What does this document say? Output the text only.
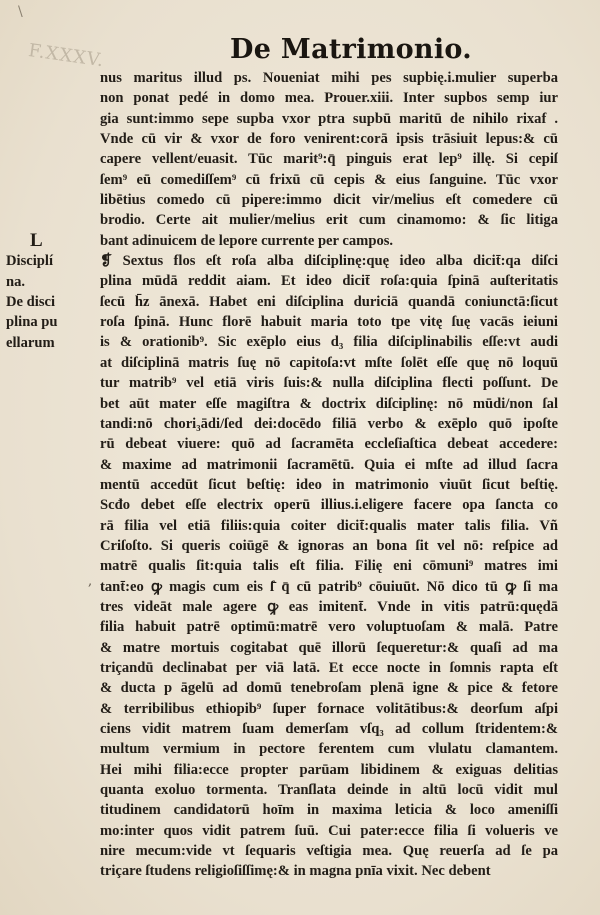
\
F.XXXV.	De Matrimonio.
L
Disciplí
na.
De disci
plina pu
ellarum
,
nus maritus illud ps. Noueniat mihi pes supbię.i.mulier superba
non ponat pedé in domo mea. Prouer.xiii. Inter supbos semp iur
gia sunt:immo sepe supba vxor ptra supbū maritū de nihilo rixaf .
Vnde cū vir & vxor de foro venirent:corā ipsis trāsiuit lepus:& cū
capere vellent/euasit. Tūc marit⁹:q̄ pinguis erat lep⁹ illę. Si cepiſ
ſem⁹ eū comediſſem⁹ cū frixū cū cepis & eius ſanguine. Tūc vxor
libētius comedo cū pipere:immo dicit vir/melius eſt comedere cū
brodio. Certe ait mulier/melius erit cum cinamomo: & ſic litiga
bant adinuicem de lepore currente per campos.
❡ Sextus flos eſt roſa alba diſciplinę:quę ideo alba dicit̄:qa diſci
plina mūdā reddit aiam. Et ideo dicit̄ roſa:quia ſpinā auſteritatis
ſecū h̄z ānexā. Habet eni diſciplina duriciā quandā coniunctā:ſicut
roſa ſpinā. Hunc florē habuit maria toto tpe vitę ſuę vacās ieiuni
is & orationib⁹. Sic exēplo eius d₃ filia diſciplinabilis eſſe:vt audi
at diſciplinā matris ſuę nō capitoſa:vt mſte ſolēt eſſe quę nō loquū
tur matrib⁹ vel etiā viris ſuis:& nulla diſciplina flecti poſſunt. De
bet aūt mater eſſe magiſtra & doctrix diſciplinę: nō mūdi/non ſal
tandi:nō chori₃ādi/ſed dei:docēdo filiā verbo & exēplo quō ipoſte
rū debeat viuere: quō ad ſacramēta eccleſiaſtica debeat accedere:
& maxime ad matrimonii ſacramētū. Quia ei mſte ad illud ſacra
mentū accedūt ſicut beſtię: ideo in matrimonio viuūt ſicut beſtię.
Scđo debet eſſe electrix operū illius.i.eligere facere opa ſancta co
rā filia vel etiā filiis:quia coiter dicit̄:qualis mater talis filia. Vñ
Criſoſto. Si queris coiūgē & ignoras an bona ſit vel nō: reſpice ad
matrē qualis ſit:quia talis eſt filia. Filię eni cōmuni⁹ matres imi
tant̄:eo ꝙ magis cum eis ſ̄ q̄ cū patrib⁹ cōuiuūt. Nō dico tū ꝙ ſi ma
tres videāt male agere ꝙ eas imitent̄. Vnde in vitis patrū:quędā
filia habuit patrē optimū:matrē vero voluptuoſam & malā. Patre
& matre mortuis cogitabat quē illorū ſequeretur:& quaſi ad ma
triçandū declinabat per viā latā. Et ecce nocte in ſomnis rapta eſt
& ducta p āgelū ad domū tenebroſam plenā igne & pice & fetore
& terribilibus ethiopib⁹ ſuper fornace volitātibus:& deorſum aſpi
ciens vidit matrem ſuam demerſam vſq₃ ad collum ſtridentem:&
multum vermium in pectore ferentem cum vlulatu clamantem.
Hei mihi filia:ecce propter parūam libidinem & exiguas delitias
quanta exoluo tormenta. Tranſlata deinde in altū locū vidit mul
titudinem candidatorū hoīm in maxima leticia & loco ameniſſi
mo:inter quos vidit patrem ſuū. Cui pater:ecce filia ſi volueris ve
nire mecum:vide vt ſequaris veſtigia mea. Quę reuerſa ad ſe pa
triçare ſtudens religioſiſſimę:& in magna pnīa vixit. Nec debent
